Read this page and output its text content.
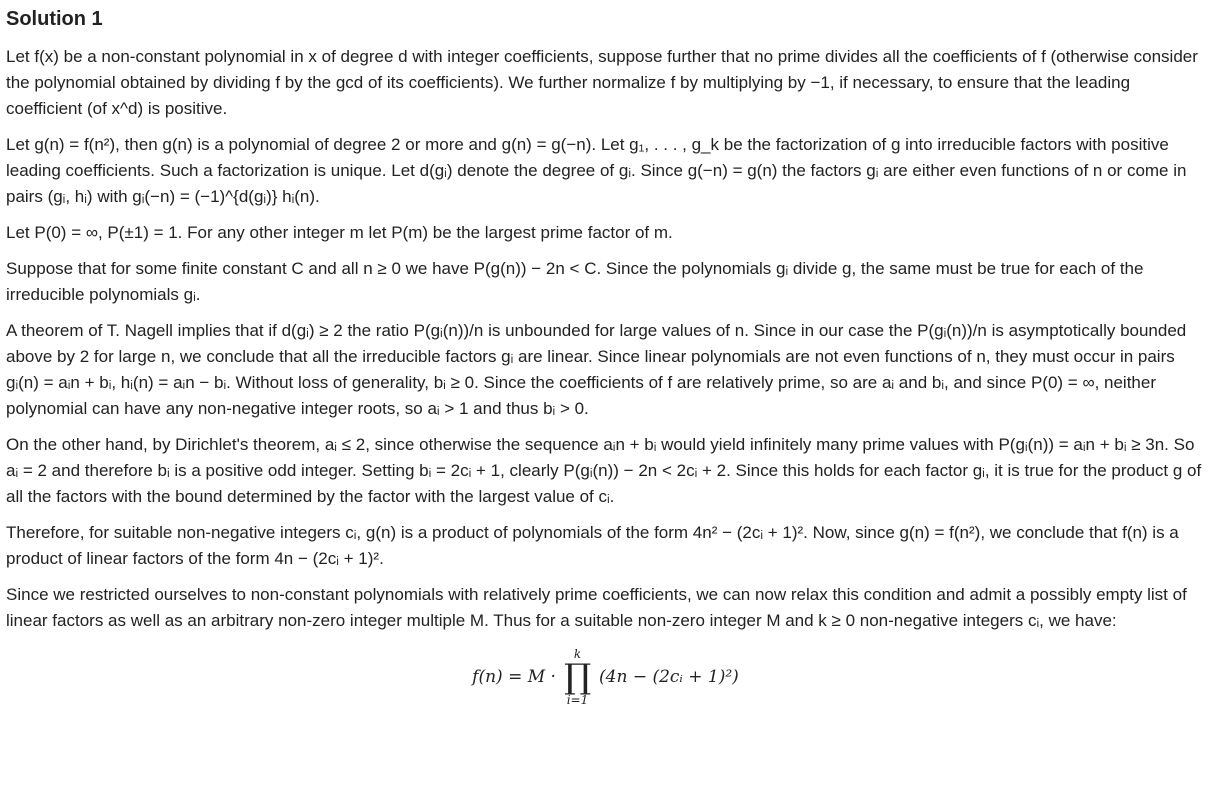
Solution 1

Let f(x) be a non-constant polynomial in x of degree d with integer coefficients, suppose further that no prime divides all the coefficients of f (otherwise consider the polynomial obtained by dividing f by the gcd of its coefficients). We further normalize f by multiplying by −1, if necessary, to ensure that the leading coefficient (of x^d) is positive.

Let g(n) = f(n²), then g(n) is a polynomial of degree 2 or more and g(n) = g(−n). Let g₁, . . . , g_k be the factorization of g into irreducible factors with positive leading coefficients. Such a factorization is unique. Let d(gᵢ) denote the degree of gᵢ. Since g(−n) = g(n) the factors gᵢ are either even functions of n or come in pairs (gᵢ, hᵢ) with gᵢ(−n) = (−1)^{d(gᵢ)} hᵢ(n).

Let P(0) = ∞, P(±1) = 1. For any other integer m let P(m) be the largest prime factor of m.

Suppose that for some finite constant C and all n ≥ 0 we have P(g(n)) − 2n < C. Since the polynomials gᵢ divide g, the same must be true for each of the irreducible polynomials gᵢ.

A theorem of T. Nagell implies that if d(gᵢ) ≥ 2 the ratio P(gᵢ(n))/n is unbounded for large values of n. Since in our case the P(gᵢ(n))/n is asymptotically bounded above by 2 for large n, we conclude that all the irreducible factors gᵢ are linear. Since linear polynomials are not even functions of n, they must occur in pairs gᵢ(n) = aᵢn + bᵢ, hᵢ(n) = aᵢn − bᵢ. Without loss of generality, bᵢ ≥ 0. Since the coefficients of f are relatively prime, so are aᵢ and bᵢ, and since P(0) = ∞, neither polynomial can have any non-negative integer roots, so aᵢ > 1 and thus bᵢ > 0.

On the other hand, by Dirichlet's theorem, aᵢ ≤ 2, since otherwise the sequence aᵢn + bᵢ would yield infinitely many prime values with P(gᵢ(n)) = aᵢn + bᵢ ≥ 3n. So aᵢ = 2 and therefore bᵢ is a positive odd integer. Setting bᵢ = 2cᵢ + 1, clearly P(gᵢ(n)) − 2n < 2cᵢ + 2. Since this holds for each factor gᵢ, it is true for the product g of all the factors with the bound determined by the factor with the largest value of cᵢ.

Therefore, for suitable non-negative integers cᵢ, g(n) is a product of polynomials of the form 4n² − (2cᵢ + 1)². Now, since g(n) = f(n²), we conclude that f(n) is a product of linear factors of the form 4n − (2cᵢ + 1)².

Since we restricted ourselves to non-constant polynomials with relatively prime coefficients, we can now relax this condition and admit a possibly empty list of linear factors as well as an arbitrary non-zero integer multiple M. Thus for a suitable non-zero integer M and k ≥ 0 non-negative integers cᵢ, we have:

f(n) = M ·
k
∏
i=1
(4n − (2cᵢ + 1)²)
